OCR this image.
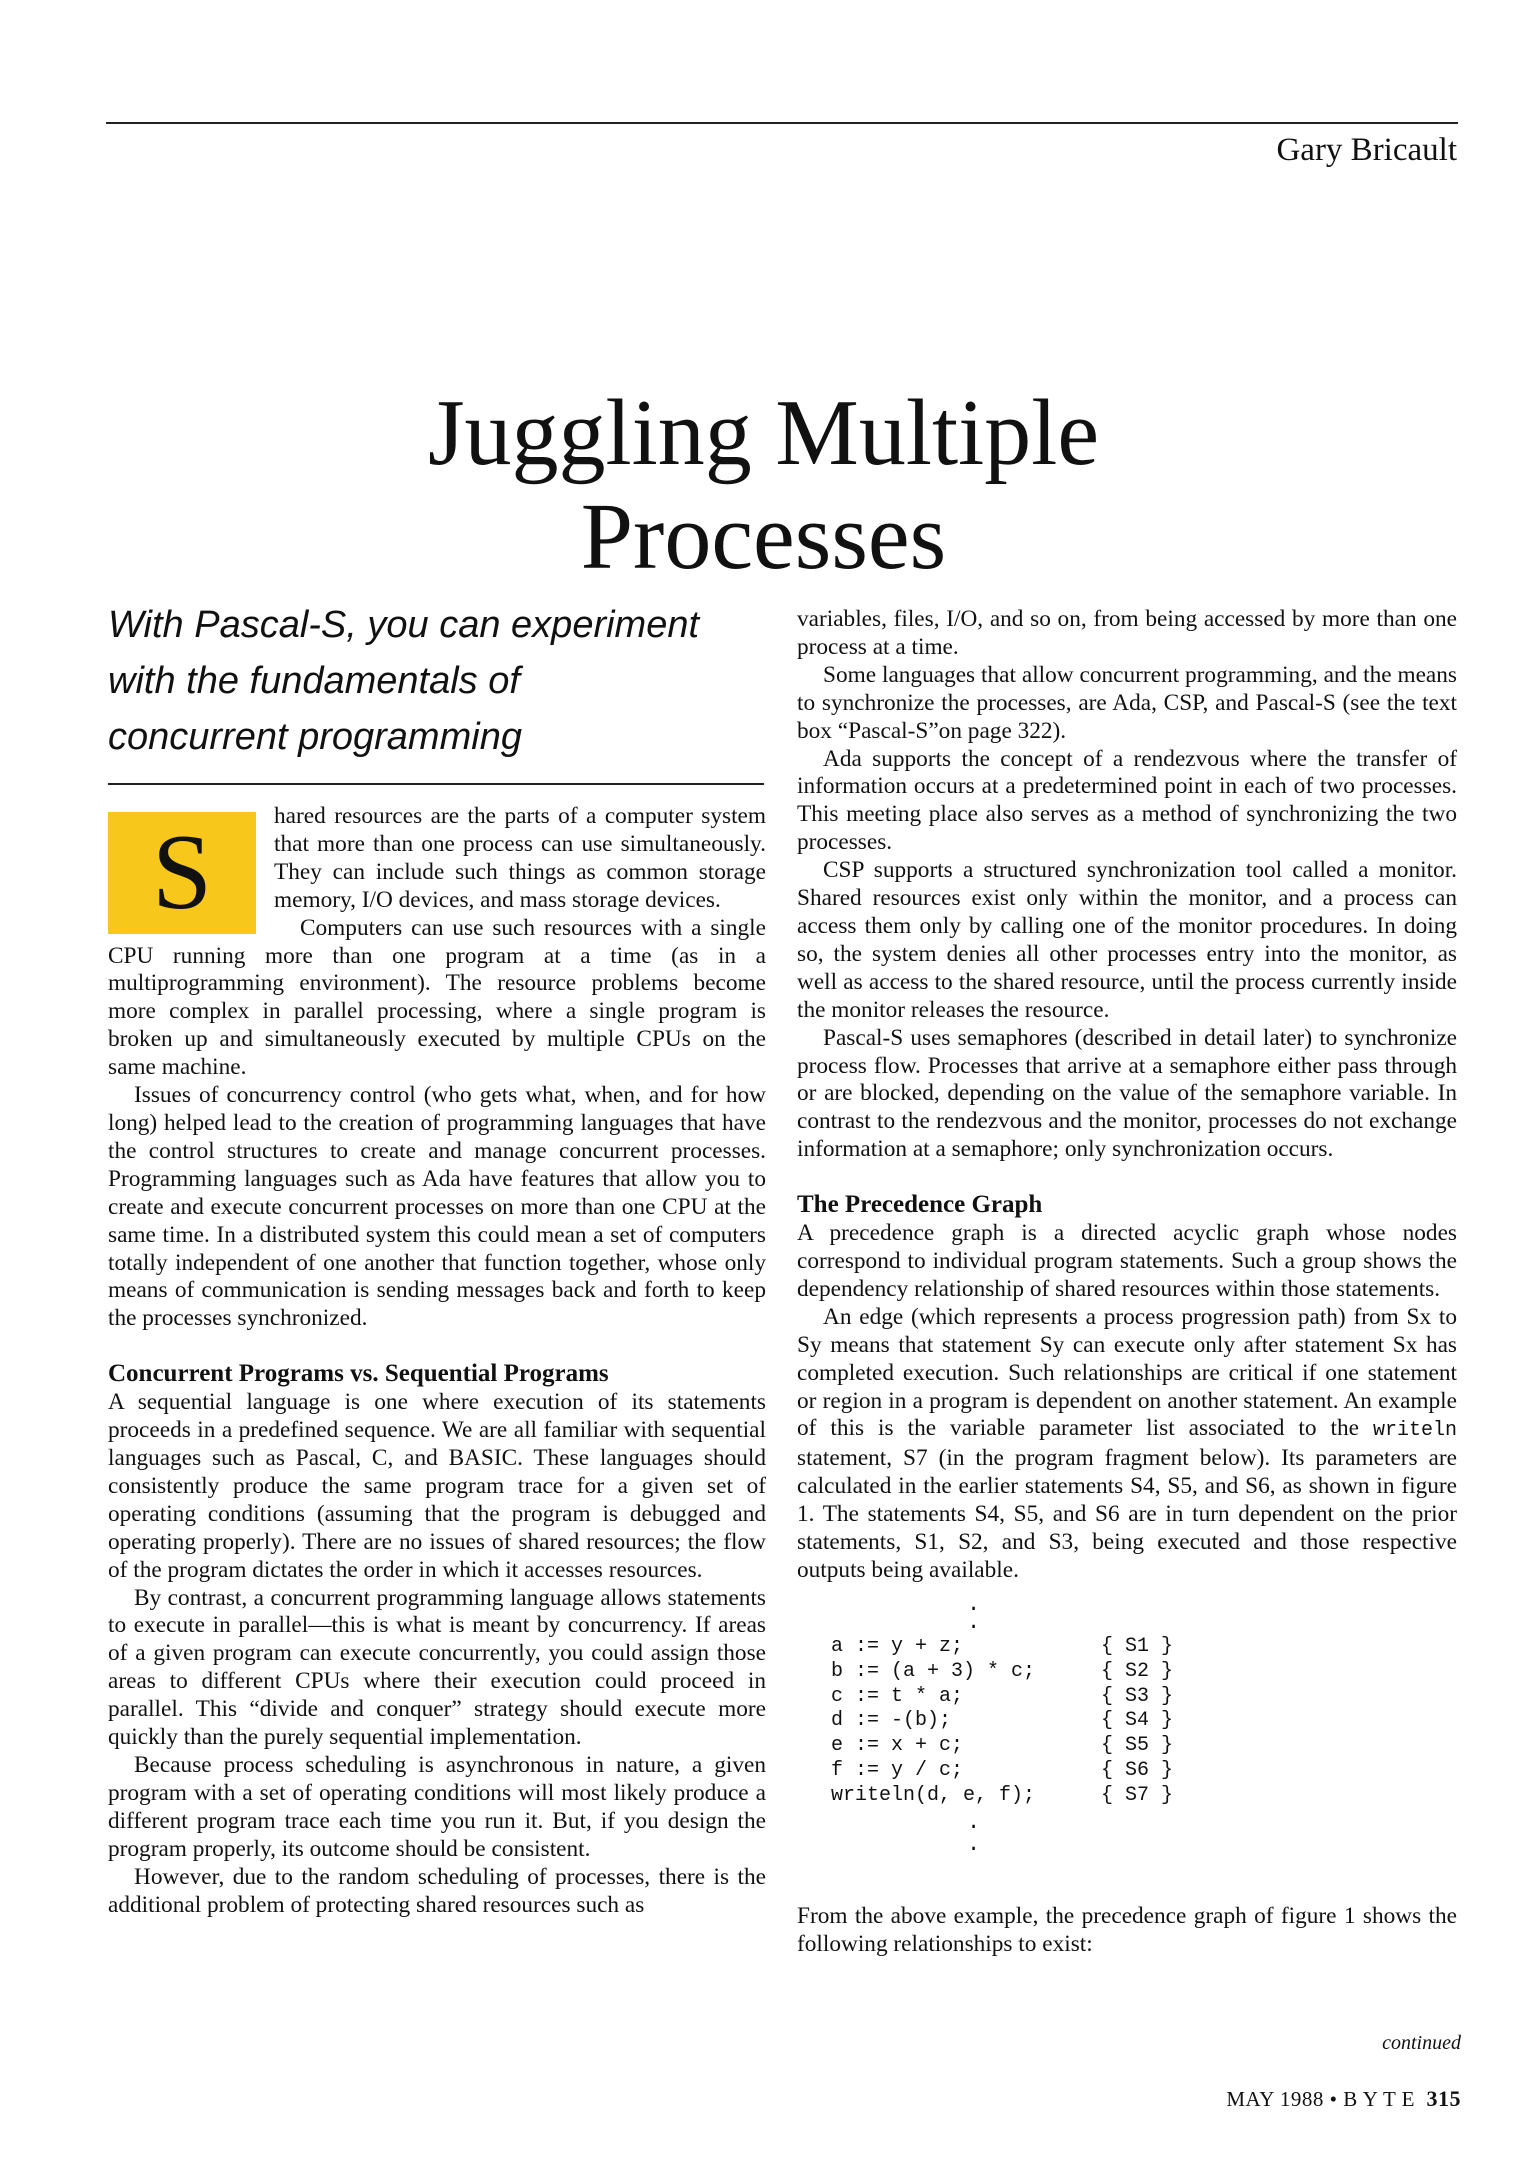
Gary Bricault
Juggling Multiple
Processes
With Pascal-S, you can experiment
with the fundamentals of
concurrent programming
S	hared resources are the parts of a computer system that more than one process can use simultaneously. They can include such things as common storage memory, I/O devices, and mass storage devices.

Computers can use such resources with a single CPU running more than one program at a time (as in a multiprogramming environment). The resource problems become more complex in parallel processing, where a single program is broken up and simultaneously executed by multiple CPUs on the same machine.

Issues of concurrency control (who gets what, when, and for how long) helped lead to the creation of programming languages that have the control structures to create and manage concurrent processes. Programming languages such as Ada have features that allow you to create and execute concurrent processes on more than one CPU at the same time. In a distributed system this could mean a set of computers totally independent of one another that function together, whose only means of communication is sending messages back and forth to keep the processes synchronized.

Concurrent Programs vs. Sequential Programs

A sequential language is one where execution of its statements proceeds in a predefined sequence. We are all familiar with sequential languages such as Pascal, C, and BASIC. These languages should consistently produce the same program trace for a given set of operating conditions (assuming that the program is debugged and operating properly). There are no issues of shared resources; the flow of the program dictates the order in which it accesses resources.

By contrast, a concurrent programming language allows statements to execute in parallel—this is what is meant by concurrency. If areas of a given program can execute concurrently, you could assign those areas to different CPUs where their execution could proceed in parallel. This “divide and conquer” strategy should execute more quickly than the purely sequential implementation.

Because process scheduling is asynchronous in nature, a given program with a set of operating conditions will most likely produce a different program trace each time you run it. But, if you design the program properly, its outcome should be consistent.

However, due to the random scheduling of processes, there is the additional problem of protecting shared resources such as

variables, files, I/O, and so on, from being accessed by more than one process at a time.

Some languages that allow concurrent programming, and the means to synchronize the processes, are Ada, CSP, and Pascal-S (see the text box “Pascal-S”on page 322).

Ada supports the concept of a rendezvous where the transfer of information occurs at a predetermined point in each of two processes. This meeting place also serves as a method of synchronizing the two processes.

CSP supports a structured synchronization tool called a monitor. Shared resources exist only within the monitor, and a process can access them only by calling one of the monitor procedures. In doing so, the system denies all other processes entry into the monitor, as well as access to the shared resource, until the process currently inside the monitor releases the resource.

Pascal-S uses semaphores (described in detail later) to synchronize process flow. Processes that arrive at a semaphore either pass through or are blocked, depending on the value of the semaphore variable. In contrast to the rendezvous and the monitor, processes do not exchange information at a semaphore; only synchronization occurs.

The Precedence Graph

A precedence graph is a directed acyclic graph whose nodes correspond to individual program statements. Such a group shows the dependency relationship of shared resources within those statements.

An edge (which represents a process progression path) from Sx to Sy means that statement Sy can execute only after statement Sx has completed execution. Such relationships are critical if one statement or region in a program is dependent on another statement. An example of this is the variable parameter list associated to the writeln statement, S7 (in the program fragment below). Its parameters are calculated in the earlier statements S4, S5, and S6, as shown in figure 1. The statements S4, S5, and S6 are in turn dependent on the prior statements, S1, S2, and S3, being executed and those respective outputs being available.

.
.
a := y + z;	{ S1 }
b := (a + 3) * c;	{ S2 }
c := t * a;	{ S3 }
d := -(b);	{ S4 }
e := x + c;	{ S5 }
f := y / c;	{ S6 }
writeln(d, e, f);	{ S7 }
.
.

From the above example, the precedence graph of figure 1 shows the following relationships to exist:

continued
MAY 1988 • B Y T E 315
